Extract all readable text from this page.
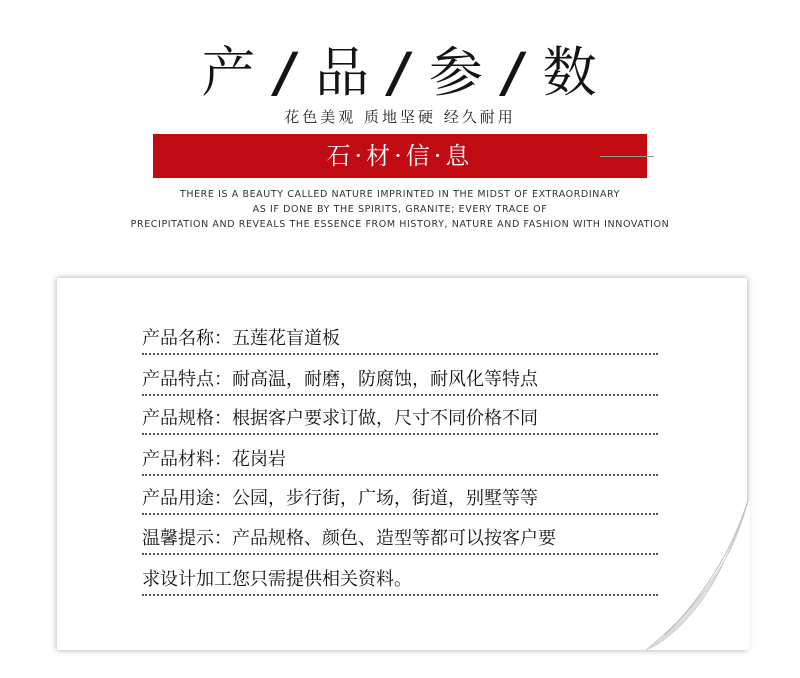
产 / 品 / 参 / 数
花色美观 质地坚硬 经久耐用
石·材·信·息
THERE IS A BEAUTY CALLED NATURE IMPRINTED IN THE MIDST OF EXTRAORDINARY
AS IF DONE BY THE SPIRITS, GRANITE; EVERY TRACE OF
PRECIPITATION AND REVEALS THE ESSENCE FROM HISTORY, NATURE AND FASHION WITH INNOVATION
产品名称：五莲花盲道板
产品特点：耐高温，耐磨，防腐蚀，耐风化等特点
产品规格：根据客户要求订做，尺寸不同价格不同
产品材料：花岗岩
产品用途：公园，步行街，广场，街道，别墅等等
温馨提示：产品规格、颜色、造型等都可以按客户要
求设计加工您只需提供相关资料。
